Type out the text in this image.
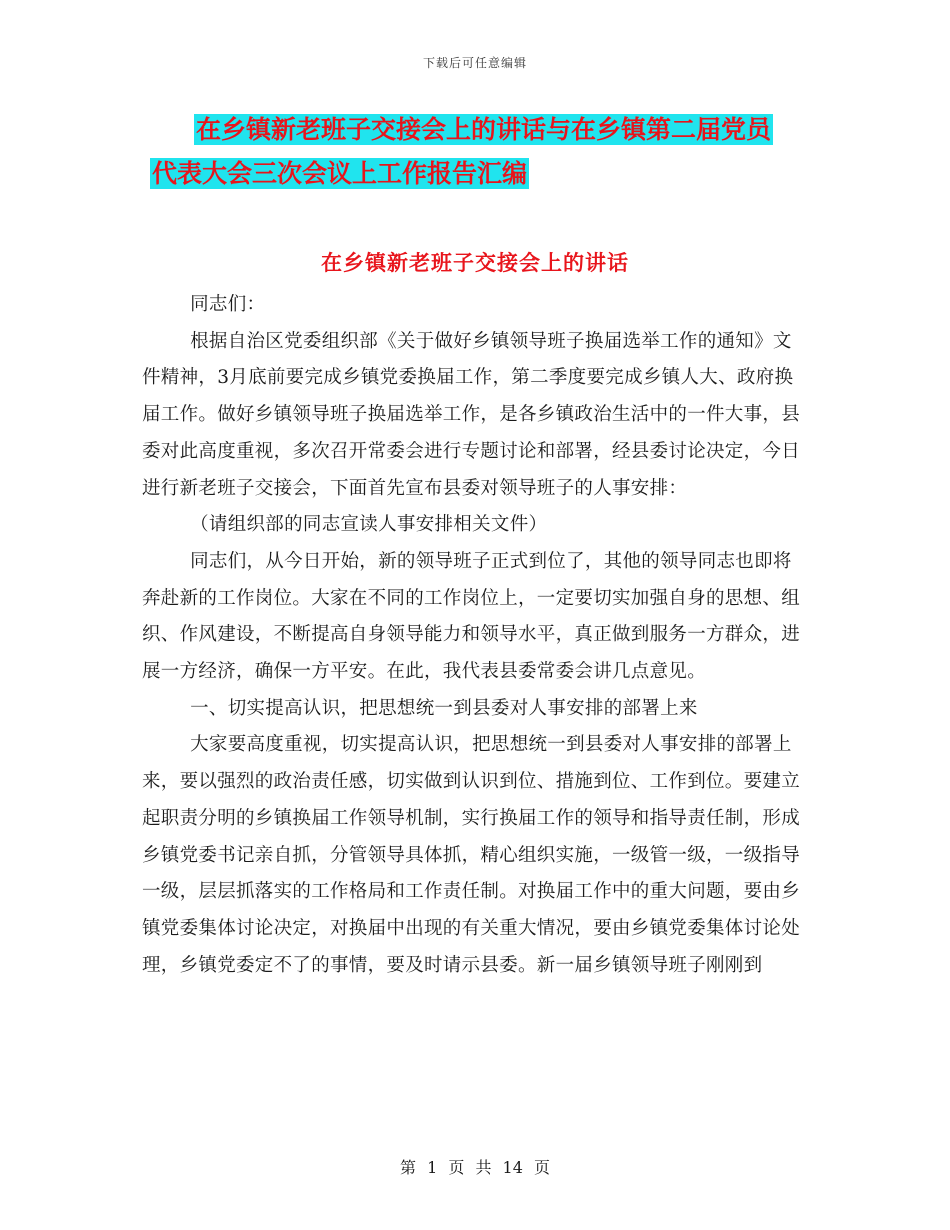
下载后可任意编辑
在乡镇新老班子交接会上的讲话与在乡镇第二届党员
代表大会三次会议上工作报告汇编
在乡镇新老班子交接会上的讲话

同志们：

根据自治区党委组织部《关于做好乡镇领导班子换届选举工作的通知》文件精神，3月底前要完成乡镇党委换届工作，第二季度要完成乡镇人大、政府换届工作。做好乡镇领导班子换届选举工作，是各乡镇政治生活中的一件大事，县委对此高度重视，多次召开常委会进行专题讨论和部署，经县委讨论决定，今日进行新老班子交接会，下面首先宣布县委对领导班子的人事安排：

（请组织部的同志宣读人事安排相关文件）

同志们，从今日开始，新的领导班子正式到位了，其他的领导同志也即将奔赴新的工作岗位。大家在不同的工作岗位上，一定要切实加强自身的思想、组织、作风建设，不断提高自身领导能力和领导水平，真正做到服务一方群众，进展一方经济，确保一方平安。在此，我代表县委常委会讲几点意见。

一、切实提高认识，把思想统一到县委对人事安排的部署上来

大家要高度重视，切实提高认识，把思想统一到县委对人事安排的部署上来，要以强烈的政治责任感，切实做到认识到位、措施到位、工作到位。要建立起职责分明的乡镇换届工作领导机制，实行换届工作的领导和指导责任制，形成乡镇党委书记亲自抓，分管领导具体抓，精心组织实施，一级管一级，一级指导一级，层层抓落实的工作格局和工作责任制。对换届工作中的重大问题，要由乡镇党委集体讨论决定，对换届中出现的有关重大情况，要由乡镇党委集体讨论处理，乡镇党委定不了的事情，要及时请示县委。新一届乡镇领导班子刚刚到

第 1 页 共 14 页
